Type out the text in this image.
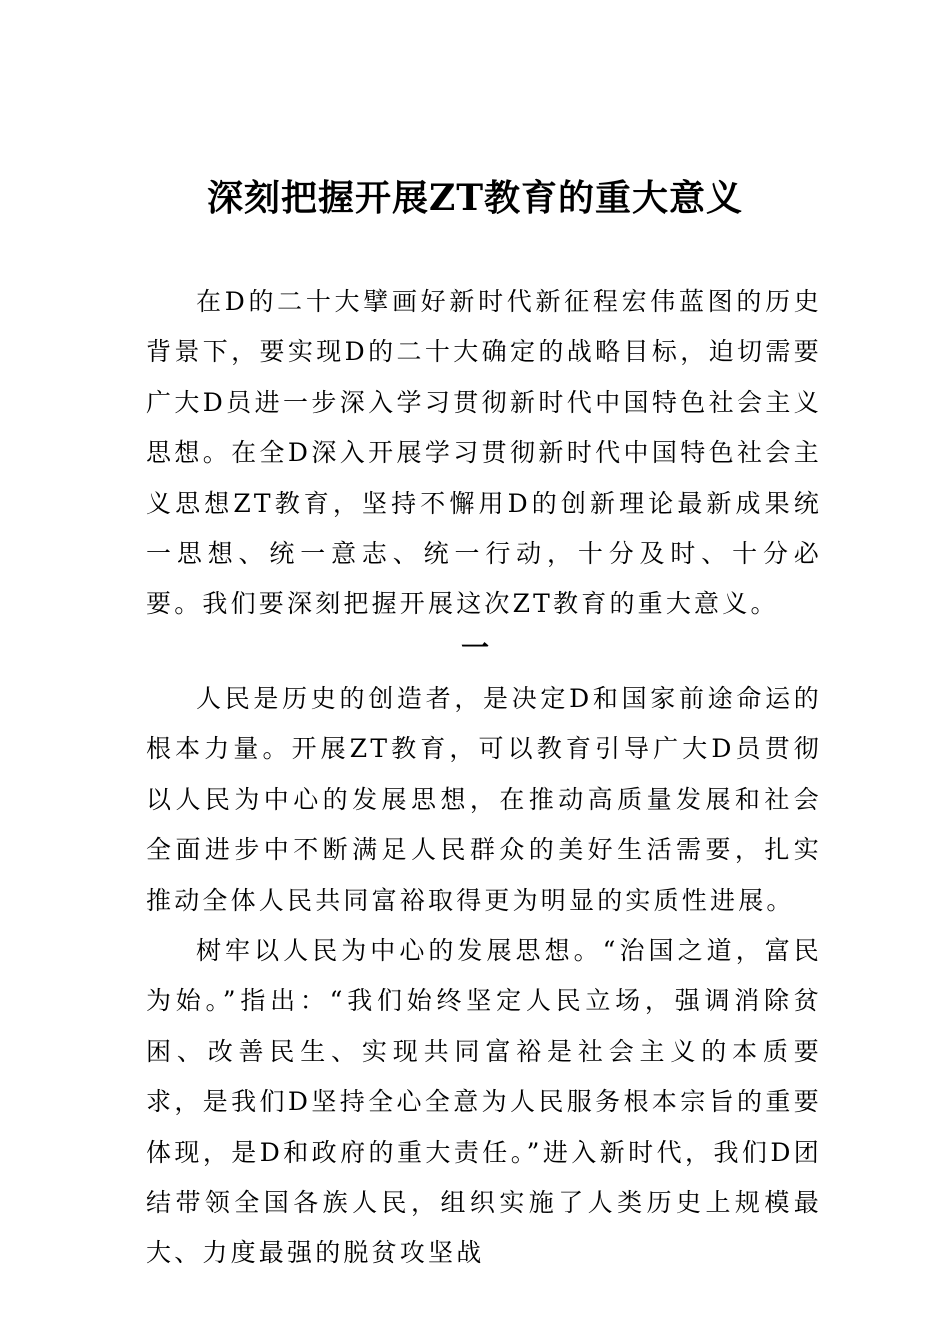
深刻把握开展ZT教育的重大意义

在D的二十大擘画好新时代新征程宏伟蓝图的历史背景下，要实现D的二十大确定的战略目标，迫切需要广大D员进一步深入学习贯彻新时代中国特色社会主义思想。在全D深入开展学习贯彻新时代中国特色社会主义思想ZT教育，坚持不懈用D的创新理论最新成果统一思想、统一意志、统一行动，十分及时、十分必要。我们要深刻把握开展这次ZT教育的重大意义。

一

人民是历史的创造者，是决定D和国家前途命运的根本力量。开展ZT教育，可以教育引导广大D员贯彻以人民为中心的发展思想，在推动高质量发展和社会全面进步中不断满足人民群众的美好生活需要，扎实推动全体人民共同富裕取得更为明显的实质性进展。

树牢以人民为中心的发展思想。“治国之道，富民为始。”指出：“我们始终坚定人民立场，强调消除贫困、改善民生、实现共同富裕是社会主义的本质要求，是我们D坚持全心全意为人民服务根本宗旨的重要体现，是D和政府的重大责任。”进入新时代，我们D团结带领全国各族人民，组织实施了人类历史上规模最大、力度最强的脱贫攻坚战
